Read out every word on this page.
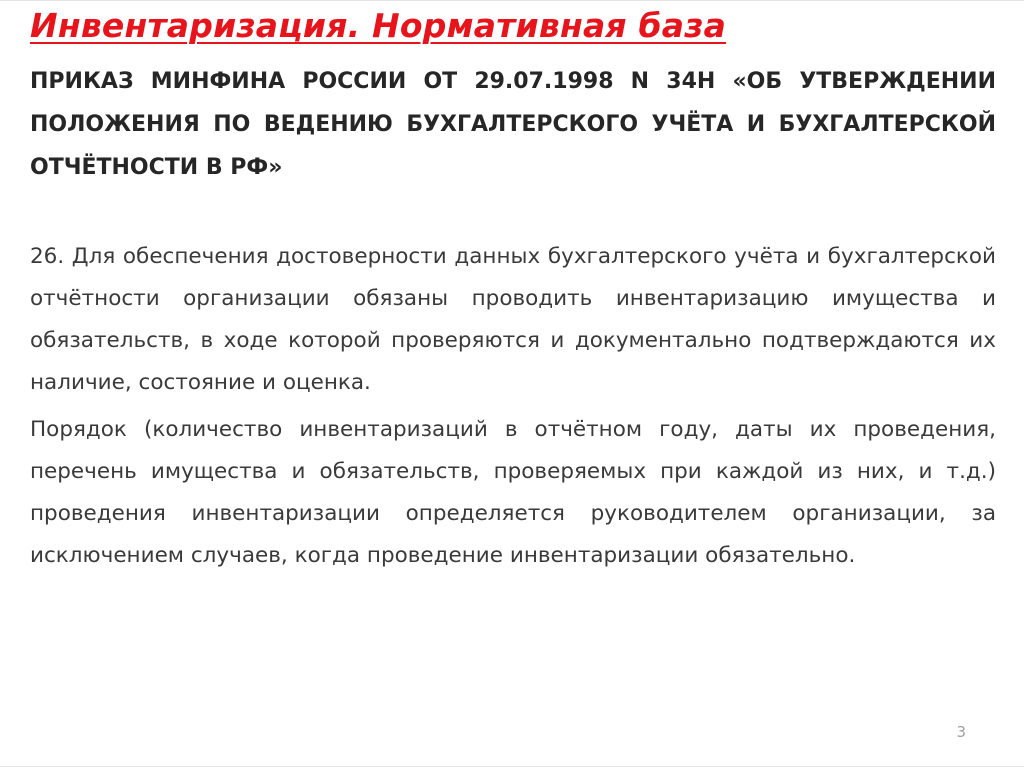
Инвентаризация. Нормативная база

ПРИКАЗ МИНФИНА РОССИИ ОТ 29.07.1998 N 34Н «ОБ УТВЕРЖДЕНИИ ПОЛОЖЕНИЯ ПО ВЕДЕНИЮ БУХГАЛТЕРСКОГО УЧЁТА И БУХГАЛТЕРСКОЙ ОТЧЁТНОСТИ В РФ»

26. Для обеспечения достоверности данных бухгалтерского учёта и бухгалтерской отчётности организации обязаны проводить инвентаризацию имущества и обязательств, в ходе которой проверяются и документально подтверждаются их наличие, состояние и оценка.

Порядок (количество инвентаризаций в отчётном году, даты их проведения, перечень имущества и обязательств, проверяемых при каждой из них, и т.д.) проведения инвентаризации определяется руководителем организации, за исключением случаев, когда проведение инвентаризации обязательно.

3
